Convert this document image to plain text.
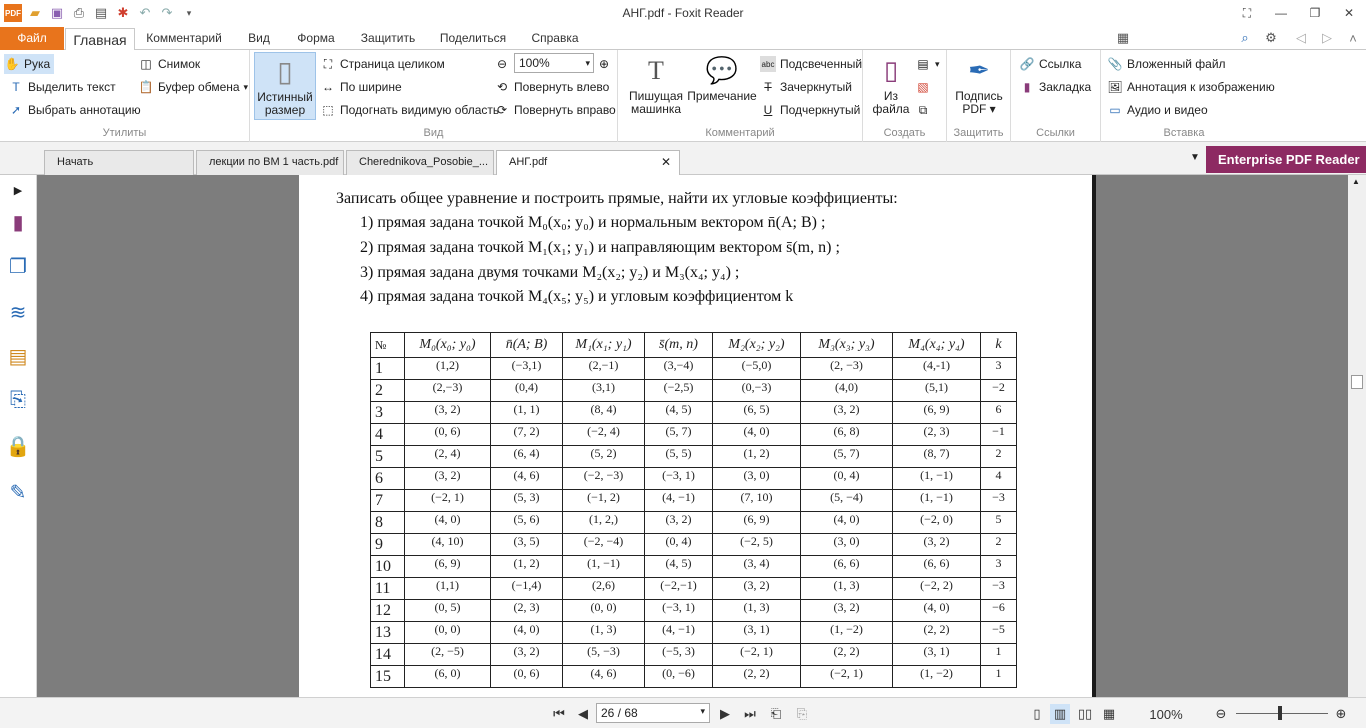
PDF ▰ ▣ ⎙ ▤ ✱ ↶ ↷	▾	АНГ.pdf - Foxit Reader	⛶	—	❐	✕
Файл	Главная	Комментарий	Вид	Форма	Защитить	Поделиться	Справка	▦
Поиск	⌕	⚙	◁	▷	˄
✋ Рука
T Выделить текст
➚ Выбрать аннотацию
◫ Снимок
📋 Буфер обмена ▾
Утилиты
▯
Истинный
размер
⛶ Страница целиком
↔ По ширине
⬚ Подогнать видимую область
⊖ 100%	▾ ⊕
⟲ Повернуть влево
⟳ Повернуть вправо
Вид
T
Пишущая
машинка
💬
Примечание
abc Подсвеченный
T Зачеркнутый
U Подчеркнутый
Комментарий
▯
Из
файла
▤ ▾
▧
⧉
Создать
✒
Подпись
PDF ▾
Защитить
🔗 Ссылка
▮ Закладка
Ссылки
📎 Вложенный файл
🖼 Аннотация к изображению
▭ Аудио и видео
Вставка
Начать	лекции по ВМ 1 часть.pdf	Cherednikova_Posobie_...	АНГ.pdf	✕	▼	Enterprise PDF Reader
▶
▮
❐
≋
▤
⎘
🔒
✎
Записать общее уравнение и построить прямые, найти их угловые коэффициенты:
1) прямая задана точкой M₀(x₀; y₀) и нормальным вектором n̄(A; B) ;
2) прямая задана точкой M₁(x₁; y₁) и направляющим вектором s̄(m, n) ;
3) прямая задана двумя точками M₂(x₂; y₂) и M₃(x₄; y₄) ;
4) прямая задана точкой M₄(x₅; y₅) и угловым коэффициентом k
№	M₀(x₀; y₀)	n̄(A; B)	M₁(x₁; y₁)	s̄(m, n)	M₂(x₂; y₂)	M₃(x₃; y₃)	M₄(x₄; y₄)	k
1	(1,2)	(−3,1)	(2,−1)	(3,−4)	(−5,0)	(2, −3)	(4,-1)	3
2	(2,−3)	(0,4)	(3,1)	(−2,5)	(0,−3)	(4,0)	(5,1)	−2
3	(3, 2)	(1, 1)	(8, 4)	(4, 5)	(6, 5)	(3, 2)	(6, 9)	6
4	(0, 6)	(7, 2)	(−2, 4)	(5, 7)	(4, 0)	(6, 8)	(2, 3)	−1
5	(2, 4)	(6, 4)	(5, 2)	(5, 5)	(1, 2)	(5, 7)	(8, 7)	2
6	(3, 2)	(4, 6)	(−2, −3)	(−3, 1)	(3, 0)	(0, 4)	(1, −1)	4
7	(−2, 1)	(5, 3)	(−1, 2)	(4, −1)	(7, 10)	(5, −4)	(1, −1)	−3
8	(4, 0)	(5, 6)	(1, 2,)	(3, 2)	(6, 9)	(4, 0)	(−2, 0)	5
9	(4, 10)	(3, 5)	(−2, −4)	(0, 4)	(−2, 5)	(3, 0)	(3, 2)	2
10	(6, 9)	(1, 2)	(1, −1)	(4, 5)	(3, 4)	(6, 6)	(6, 6)	3
11	(1,1)	(−1,4)	(2,6)	(−2,−1)	(3, 2)	(1, 3)	(−2, 2)	−3
12	(0, 5)	(2, 3)	(0, 0)	(−3, 1)	(1, 3)	(3, 2)	(4, 0)	−6
13	(0, 0)	(4, 0)	(1, 3)	(4, −1)	(3, 1)	(1, −2)	(2, 2)	−5
14	(2, −5)	(3, 2)	(5, −3)	(−5, 3)	(−2, 1)	(2, 2)	(3, 1)	1
15	(6, 0)	(0, 6)	(4, 6)	(0, −6)	(2, 2)	(−2, 1)	(1, −2)	1
▲
⏮	◀	26 / 68	▾	▶	⏭	⎗	⎘	▯	▥ ▯▯ ▦	100%	⊖	⊕
